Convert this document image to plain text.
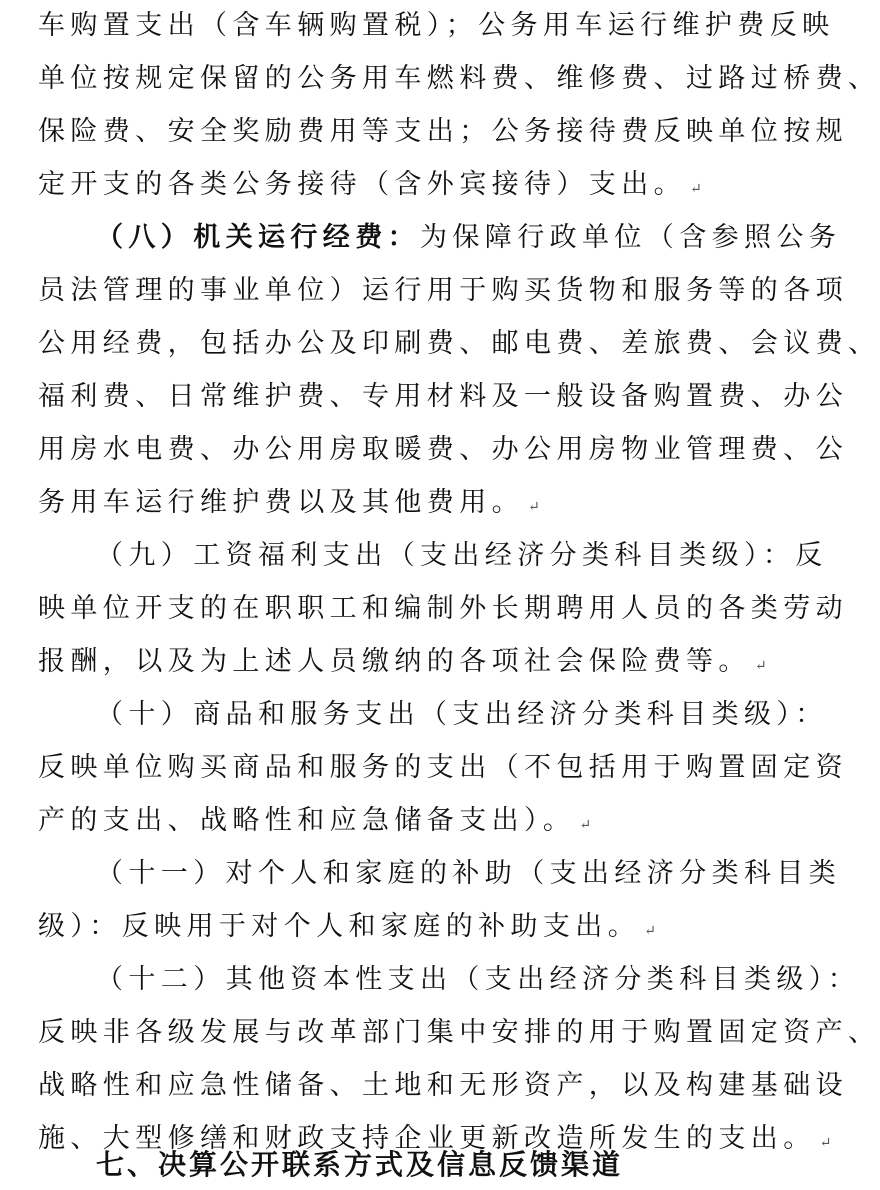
车购置支出（含车辆购置税）；公务用车运行维护费反映
单位按规定保留的公务用车燃料费、维修费、过路过桥费、
保险费、安全奖励费用等支出；公务接待费反映单位按规
定开支的各类公务接待（含外宾接待）支出。 ↵
（八）机关运行经费：为保障行政单位（含参照公务
员法管理的事业单位）运行用于购买货物和服务等的各项
公用经费，包括办公及印刷费、邮电费、差旅费、会议费、
福利费、日常维护费、专用材料及一般设备购置费、办公
用房水电费、办公用房取暖费、办公用房物业管理费、公
务用车运行维护费以及其他费用。 ↵
（九）工资福利支出（支出经济分类科目类级）：反
映单位开支的在职职工和编制外长期聘用人员的各类劳动
报酬，以及为上述人员缴纳的各项社会保险费等。 ↵
（十）商品和服务支出（支出经济分类科目类级）：
反映单位购买商品和服务的支出（不包括用于购置固定资
产的支出、战略性和应急储备支出）。 ↵
（十一）对个人和家庭的补助（支出经济分类科目类
级）：反映用于对个人和家庭的补助支出。 ↵
（十二）其他资本性支出（支出经济分类科目类级）：
反映非各级发展与改革部门集中安排的用于购置固定资产、
战略性和应急性储备、土地和无形资产，以及构建基础设
施、大型修缮和财政支持企业更新改造所发生的支出。 ↵
七、决算公开联系方式及信息反馈渠道
